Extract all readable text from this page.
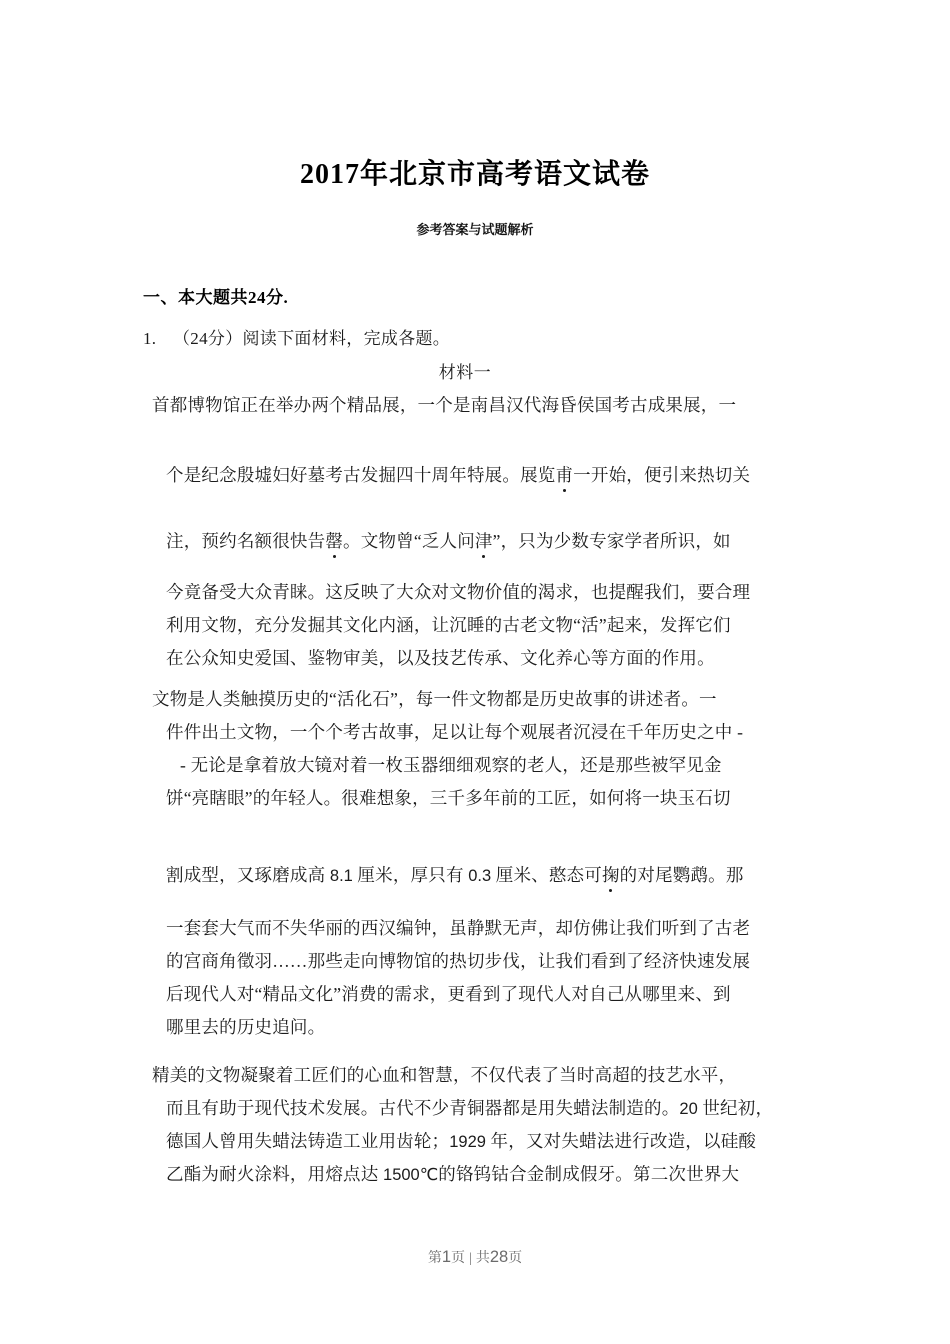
2017年北京市高考语文试卷
参考答案与试题解析
一、本大题共24分.
1. （24分）阅读下面材料，完成各题。
材料一
首都博物馆正在举办两个精品展，一个是南昌汉代海昏侯国考古成果展，一
个是纪念殷墟妇好墓考古发掘四十周年特展。展览甫一开始，便引来热切关
注，预约名额很快告罄。文物曾“乏人问津”，只为少数专家学者所识，如
今竟备受大众青睐。这反映了大众对文物价值的渴求，也提醒我们，要合理
利用文物，充分发掘其文化内涵，让沉睡的古老文物“活”起来，发挥它们
在公众知史爱国、鉴物审美，以及技艺传承、文化养心等方面的作用。
文物是人类触摸历史的“活化石”，每一件文物都是历史故事的讲述者。一
件件出土文物，一个个考古故事，足以让每个观展者沉浸在千年历史之中 -
- 无论是拿着放大镜对着一枚玉器细细观察的老人，还是那些被罕见金
饼“亮瞎眼”的年轻人。很难想象，三千多年前的工匠，如何将一块玉石切
割成型，又琢磨成高 8.1 厘米，厚只有 0.3 厘米、憨态可掬的对尾鹦鹉。那
一套套大气而不失华丽的西汉编钟，虽静默无声，却仿佛让我们听到了古老
的宫商角徵羽……那些走向博物馆的热切步伐，让我们看到了经济快速发展
后现代人对“精品文化”消费的需求，更看到了现代人对自己从哪里来、到
哪里去的历史追问。
精美的文物凝聚着工匠们的心血和智慧，不仅代表了当时高超的技艺水平，
而且有助于现代技术发展。古代不少青铜器都是用失蜡法制造的。20 世纪初，
德国人曾用失蜡法铸造工业用齿轮；1929 年，又对失蜡法进行改造，以硅酸
乙酯为耐火涂料，用熔点达 1500℃的铬钨钴合金制成假牙。第二次世界大
第1页 | 共28页
